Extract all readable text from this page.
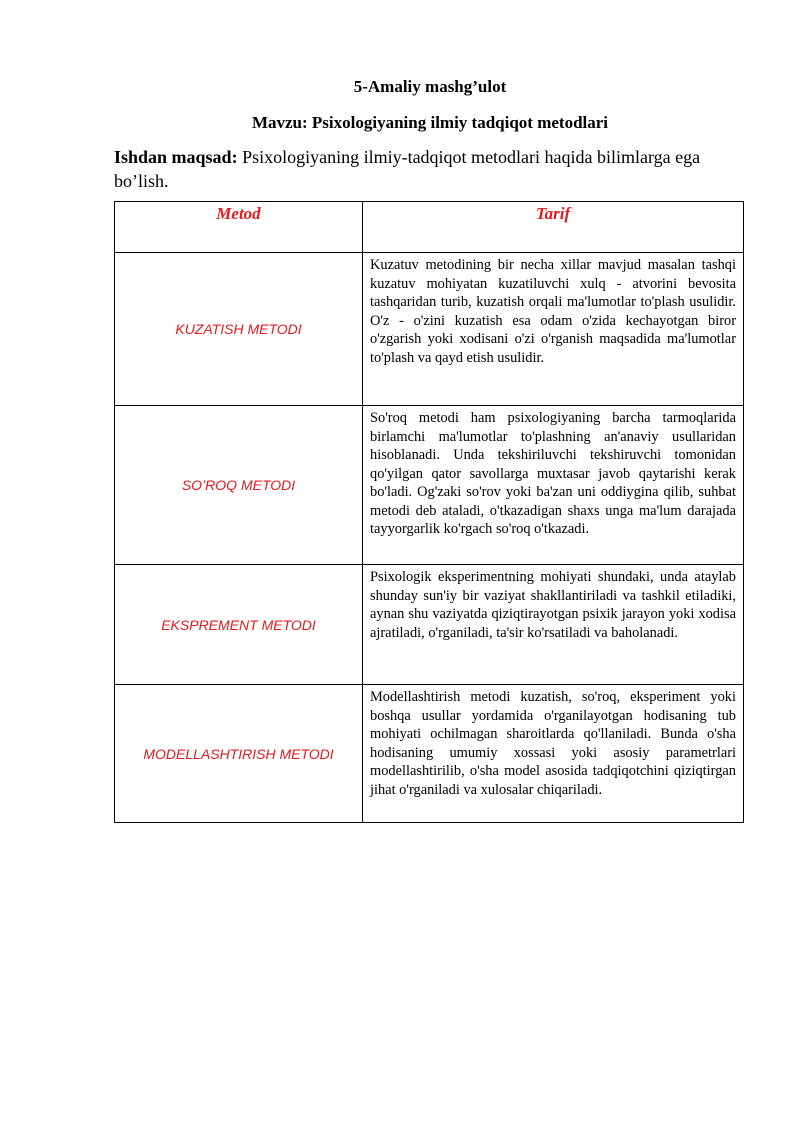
5-Amaliy mashg’ulot
Mavzu: Psixologiyaning ilmiy tadqiqot metodlari
Ishdan maqsad: Psixologiyaning ilmiy-tadqiqot metodlari haqida bilimlarga ega bo’lish.
Metod	Tarif
KUZATISH METODI	Kuzatuv metodining bir necha xillar mavjud masalan tashqi kuzatuv mohiyatan kuzatiluvchi xulq - atvorini bevosita tashqaridan turib, kuzatish orqali ma'lumotlar to'plash usulidir. O'z - o'zini kuzatish esa odam o'zida kechayotgan biror o'zgarish yoki xodisani o'zi o'rganish maqsadida ma'lumotlar to'plash va qayd etish usulidir.
SO’ROQ METODI	So'roq metodi ham psixologiyaning barcha tarmoqlarida birlamchi ma'lumotlar to'plashning an'anaviy usullaridan hisoblanadi. Unda tekshiriluvchi tekshiruvchi tomonidan qo'yilgan qator savollarga muxtasar javob qaytarishi kerak bo'ladi. Og'zaki so'rov yoki ba'zan uni oddiygina qilib, suhbat metodi deb ataladi, o'tkazadigan shaxs unga ma'lum darajada tayyorgarlik ko'rgach so'roq o'tkazadi.
EKSPREMENT METODI	Psixologik eksperimentning mohiyati shundaki, unda ataylab shunday sun'iy bir vaziyat shakllantiriladi va tashkil etiladiki, aynan shu vaziyatda qiziqtirayotgan psixik jarayon yoki xodisa ajratiladi, o'rganiladi, ta'sir ko'rsatiladi va baholanadi.
MODELLASHTIRISH METODI	Modellashtirish metodi kuzatish, so'roq, eksperiment yoki boshqa usullar yordamida o'rganilayotgan hodisaning tub mohiyati ochilmagan sharoitlarda qo'llaniladi. Bunda o'sha hodisaning umumiy xossasi yoki asosiy parametrlari modellashtirilib, o'sha model asosida tadqiqotchini qiziqtirgan jihat o'rganiladi va xulosalar chiqariladi.
